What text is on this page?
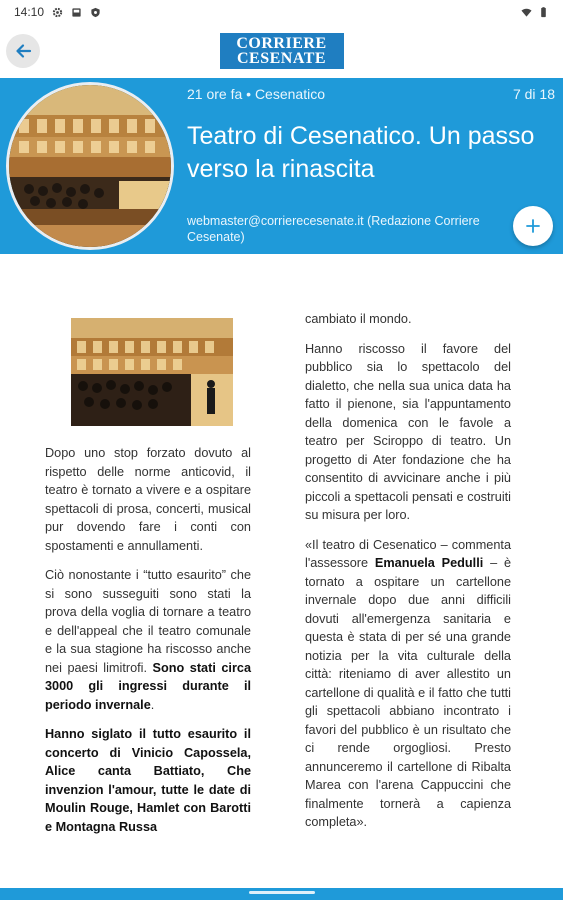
14:10
CORRIERE
CESENATE
21 ore fa • Cesenatico	7 di 18
Teatro di Cesenatico. Un passo verso la rinascita
webmaster@corrierecesenate.it (Redazione Corriere
Cesenate)

Dopo uno stop forzato dovuto al rispetto delle norme anticovid, il teatro è tornato a vivere e a ospitare spettacoli di prosa, concerti, musical pur dovendo fare i conti con spostamenti e annullamenti.

Ciò nonostante i “tutto esaurito” che si sono susseguiti sono stati la prova della voglia di tornare a teatro e dell'appeal che il teatro comunale e la sua stagione ha riscosso anche nei paesi limitrofi. Sono stati circa 3000 gli ingressi durante il periodo invernale.

Hanno siglato il tutto esaurito il concerto di Vinicio Capossela, Alice canta Battiato, Che invenzion l'amour, tutte le date di Moulin Rouge, Hamlet con Barotti e Montagna Russa

cambiato il mondo.

Hanno riscosso il favore del pubblico sia lo spettacolo del dialetto, che nella sua unica data ha fatto il pienone, sia l'appuntamento della domenica con le favole a teatro per Sciroppo di teatro. Un progetto di Ater fondazione che ha consentito di avvicinare anche i più piccoli a spettacoli pensati e costruiti su misura per loro.

«Il teatro di Cesenatico – commenta l'assessore Emanuela Pedulli – è tornato a ospitare un cartellone invernale dopo due anni difficili dovuti all'emergenza sanitaria e questa è stata di per sé una grande notizia per la vita culturale della città: riteniamo di aver allestito un cartellone di qualità e il fatto che tutti gli spettacoli abbiano incontrato i favori del pubblico è un risultato che ci rende orgogliosi. Presto annunceremo il cartellone di Ribalta Marea con l'arena Cappuccini che finalmente tornerà a capienza completa».
